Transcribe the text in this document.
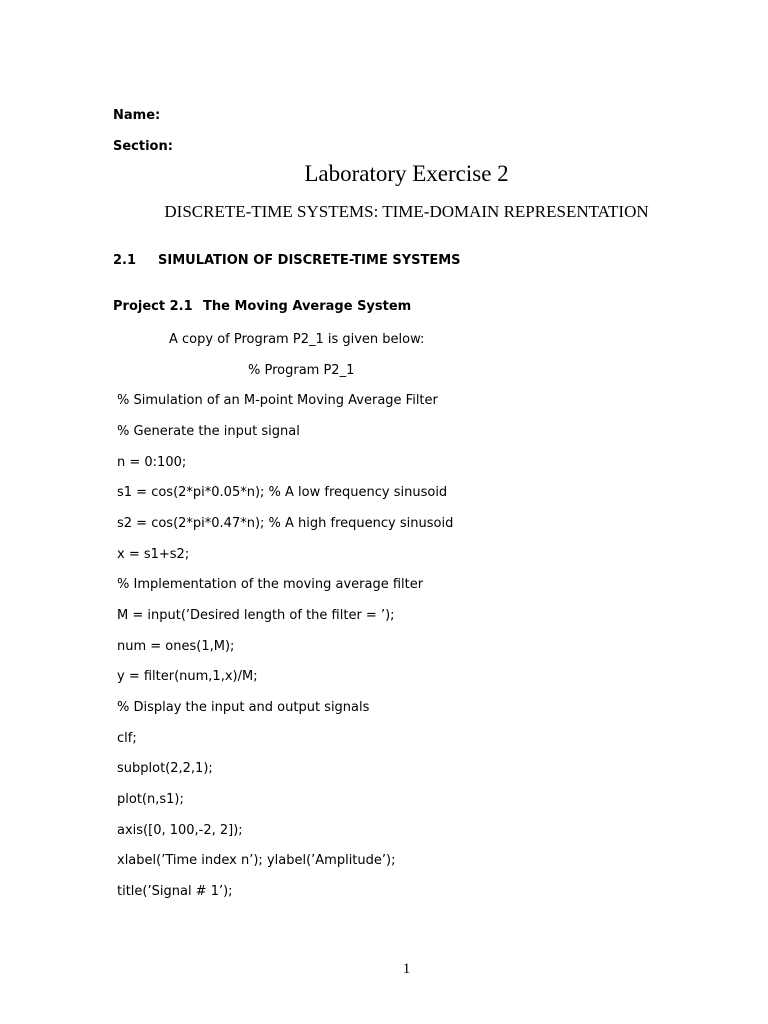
Name:
Section:
Laboratory Exercise 2
DISCRETE-TIME SYSTEMS: TIME-DOMAIN REPRESENTATION
2.1 SIMULATION OF DISCRETE-TIME SYSTEMS
Project 2.1 The Moving Average System
A copy of Program P2_1 is given below:
% Program P2_1
% Simulation of an M-point Moving Average Filter
% Generate the input signal
n = 0:100;
s1 = cos(2*pi*0.05*n); % A low frequency sinusoid
s2 = cos(2*pi*0.47*n); % A high frequency sinusoid
x = s1+s2;
% Implementation of the moving average filter
M = input(’Desired length of the filter = ’);
num = ones(1,M);
y = filter(num,1,x)/M;
% Display the input and output signals
clf;
subplot(2,2,1);
plot(n,s1);
axis([0, 100,-2, 2]);
xlabel(’Time index n’); ylabel(’Amplitude’);
title(’Signal # 1’);
1
